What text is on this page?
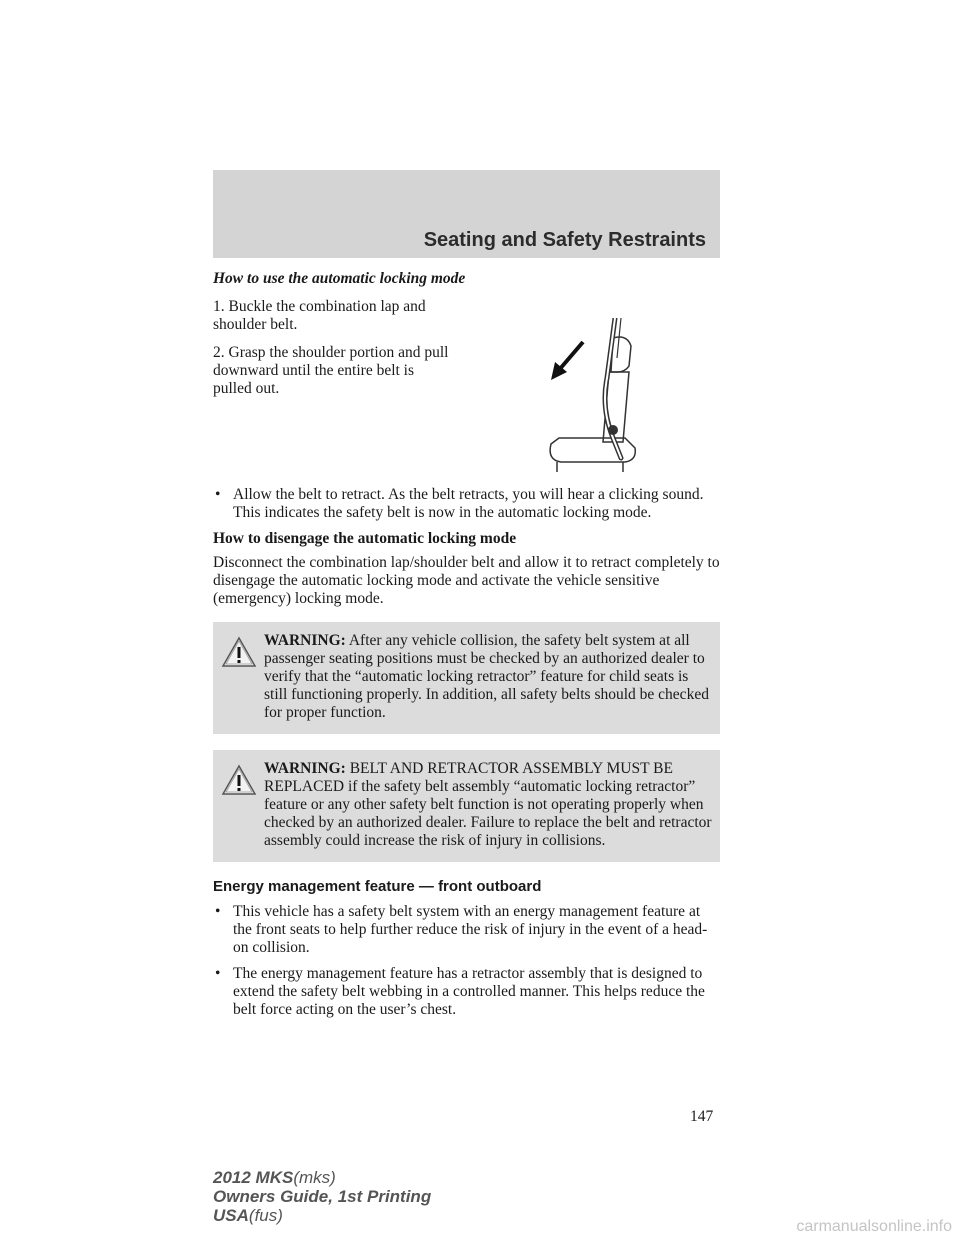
Seating and Safety Restraints
How to use the automatic locking mode

1. Buckle the combination lap and shoulder belt.

2. Grasp the shoulder portion and pull downward until the entire belt is pulled out.

• Allow the belt to retract. As the belt retracts, you will hear a clicking sound. This indicates the safety belt is now in the automatic locking mode.
How to disengage the automatic locking mode

Disconnect the combination lap/shoulder belt and allow it to retract completely to disengage the automatic locking mode and activate the vehicle sensitive (emergency) locking mode.

WARNING: After any vehicle collision, the safety belt system at all passenger seating positions must be checked by an authorized dealer to verify that the “automatic locking retractor” feature for child seats is still functioning properly. In addition, all safety belts should be checked for proper function.
WARNING: BELT AND RETRACTOR ASSEMBLY MUST BE REPLACED if the safety belt assembly “automatic locking retractor” feature or any other safety belt function is not operating properly when checked by an authorized dealer. Failure to replace the belt and retractor assembly could increase the risk of injury in collisions.
Energy management feature — front outboard
• This vehicle has a safety belt system with an energy management feature at the front seats to help further reduce the risk of injury in the event of a head-on collision.
• The energy management feature has a retractor assembly that is designed to extend the safety belt webbing in a controlled manner. This helps reduce the belt force acting on the user’s chest.
147
2012 MKS(mks)
Owners Guide, 1st Printing
USA(fus)
carmanualsonline.info
